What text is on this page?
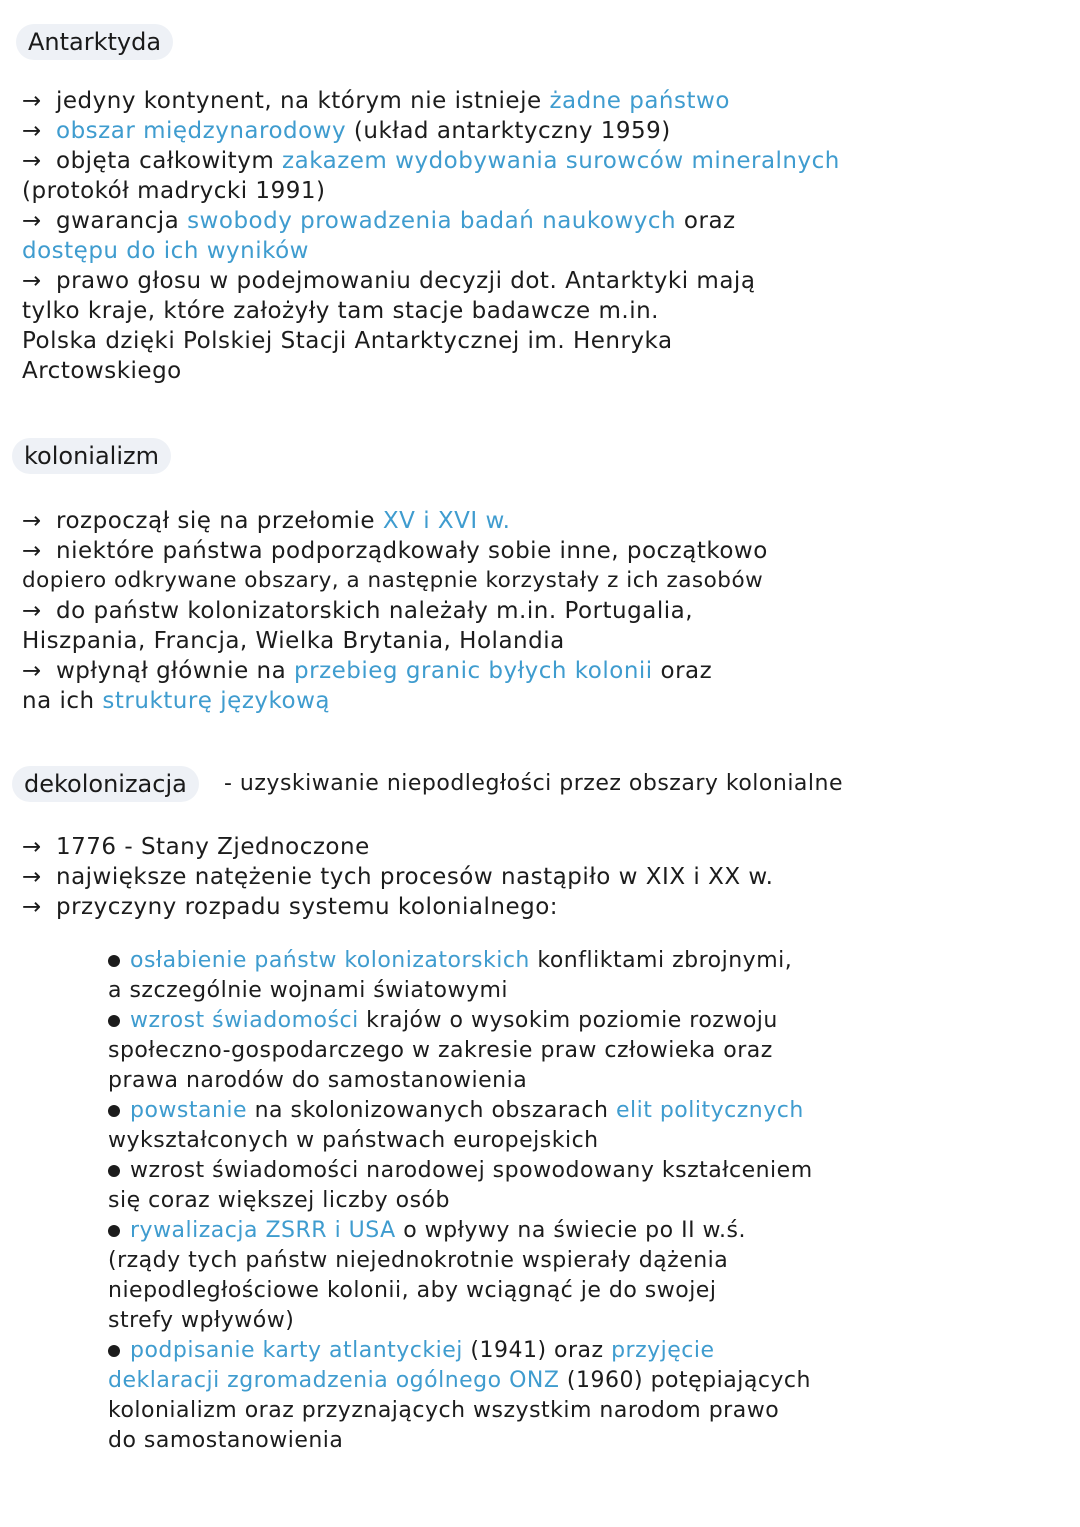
Antarktyda
→ jedyny kontynent, na którym nie istnieje żadne państwo
→ obszar międzynarodowy (układ antarktyczny 1959)
→ objęta całkowitym zakazem wydobywania surowców mineralnych
(protokół madrycki 1991)
→ gwarancja swobody prowadzenia badań naukowych oraz
dostępu do ich wyników
→ prawo głosu w podejmowaniu decyzji dot. Antarktyki mają
tylko kraje, które założyły tam stacje badawcze m.in.
Polska dzięki Polskiej Stacji Antarktycznej im. Henryka
Arctowskiego
kolonializm
→ rozpoczął się na przełomie XV i XVI w.
→ niektóre państwa podporządkowały sobie inne, początkowo
dopiero odkrywane obszary, a następnie korzystały z ich zasobów
→ do państw kolonizatorskich należały m.in. Portugalia,
Hiszpania, Francja, Wielka Brytania, Holandia
→ wpłynął głównie na przebieg granic byłych kolonii oraz
na ich strukturę językową
dekolonizacja	- uzyskiwanie niepodległości przez obszary kolonialne
→ 1776 - Stany Zjednoczone
→ największe natężenie tych procesów nastąpiło w XIX i XX w.
→ przyczyny rozpadu systemu kolonialnego:
osłabienie państw kolonizatorskich konfliktami zbrojnymi,
a szczególnie wojnami światowymi
wzrost świadomości krajów o wysokim poziomie rozwoju
społeczno-gospodarczego w zakresie praw człowieka oraz
prawa narodów do samostanowienia
powstanie na skolonizowanych obszarach elit politycznych
wykształconych w państwach europejskich
wzrost świadomości narodowej spowodowany kształceniem
się coraz większej liczby osób
rywalizacja ZSRR i USA o wpływy na świecie po II w.ś.
(rządy tych państw niejednokrotnie wspierały dążenia
niepodległościowe kolonii, aby wciągnąć je do swojej
strefy wpływów)
podpisanie karty atlantyckiej (1941) oraz przyjęcie
deklaracji zgromadzenia ogólnego ONZ (1960) potępiających
kolonializm oraz przyznających wszystkim narodom prawo
do samostanowienia
